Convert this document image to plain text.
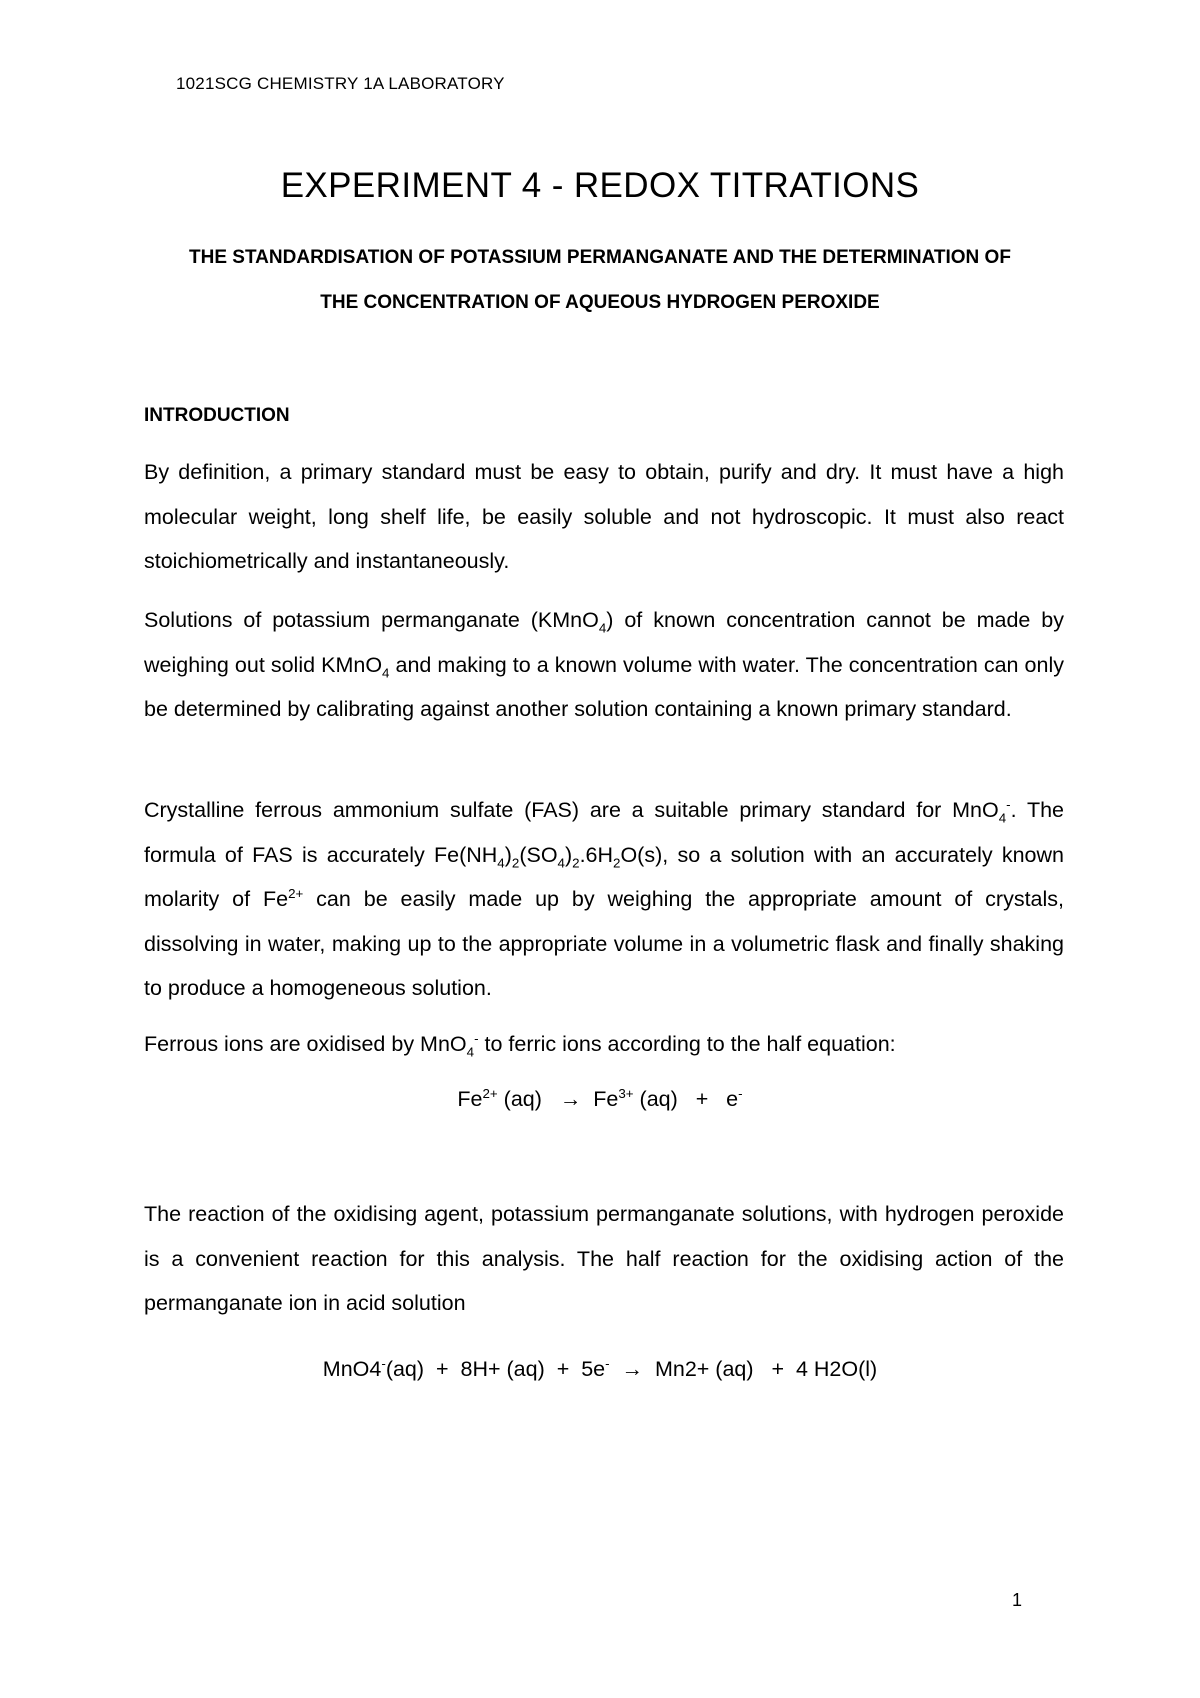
1021SCG CHEMISTRY 1A LABORATORY
EXPERIMENT 4 - REDOX TITRATIONS
THE STANDARDISATION OF POTASSIUM PERMANGANATE AND THE DETERMINATION OF
THE CONCENTRATION OF AQUEOUS HYDROGEN PEROXIDE
INTRODUCTION

By definition, a primary standard must be easy to obtain, purify and dry. It must have a high molecular weight, long shelf life, be easily soluble and not hydroscopic. It must also react stoichiometrically and instantaneously.

Solutions of potassium permanganate (KMnO$_4$) of known concentration cannot be made by weighing out solid KMnO$_4$ and making to a known volume with water. The concentration can only be determined by calibrating against another solution containing a known primary standard.

Crystalline ferrous ammonium sulfate (FAS) are a suitable primary standard for MnO$_4$-. The formula of FAS is accurately $Fe(NH_4)_2(SO_4)_2.6H_2O(s)$, so a solution with an accurately known molarity of $Fe^{2+}$ can be easily made up by weighing the appropriate amount of crystals, dissolving in water, making up to the appropriate volume in a volumetric flask and finally shaking to produce a homogeneous solution.

Ferrous ions are oxidised by MnO$_4$- to ferric ions according to the half equation:

$Fe^{2+}$ $(aq) \to Fe^{3+}$ (aq)   +   e-

The reaction of the oxidising agent, potassium permanganate solutions, with hydrogen peroxide is a convenient reaction for this analysis. The half reaction for the oxidising action of the permanganate ion in acid solution

MnO4-(aq)  +  8H+ (aq)  +  5e-  →  Mn2+ (aq)   +  4 H2O(l)
1
